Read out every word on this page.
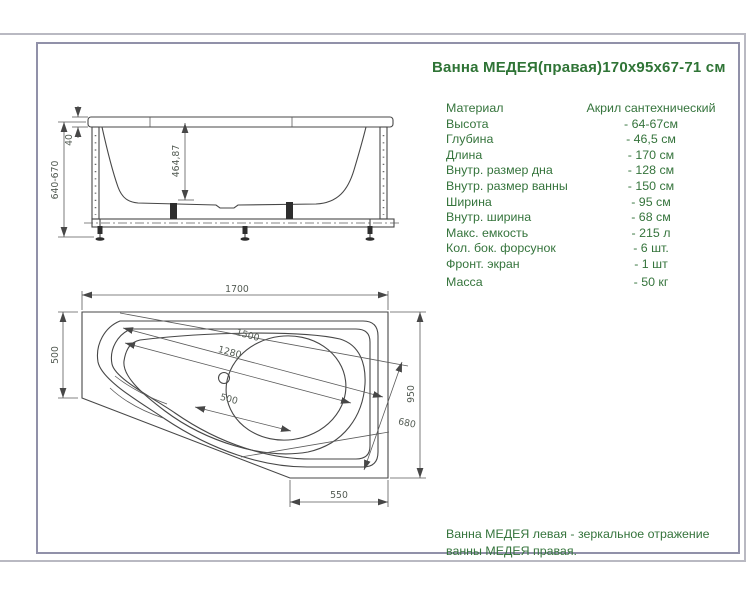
Ванна МЕДЕЯ(правая)170х95х67-71 см
Материал	Акрил сантехнический
Высота	- 64-67см
Глубина	- 46,5 см
Длина	- 170 см
Внутр. размер дна	- 128 см
Внутр. размер ванны	- 150 см
Ширина	- 95 см
Внутр. ширина	- 68 см
Макс. емкость	- 215 л
Кол. бок. форсунок	- 6 шт.
Фронт. экран	- 1 шт
Масса	- 50 кг
Ванна МЕДЕЯ левая - зеркальное отражение
ванны МЕДЕЯ правая.
40
640-670	464,87
1700
500
950
680
550
1500
1280
500
